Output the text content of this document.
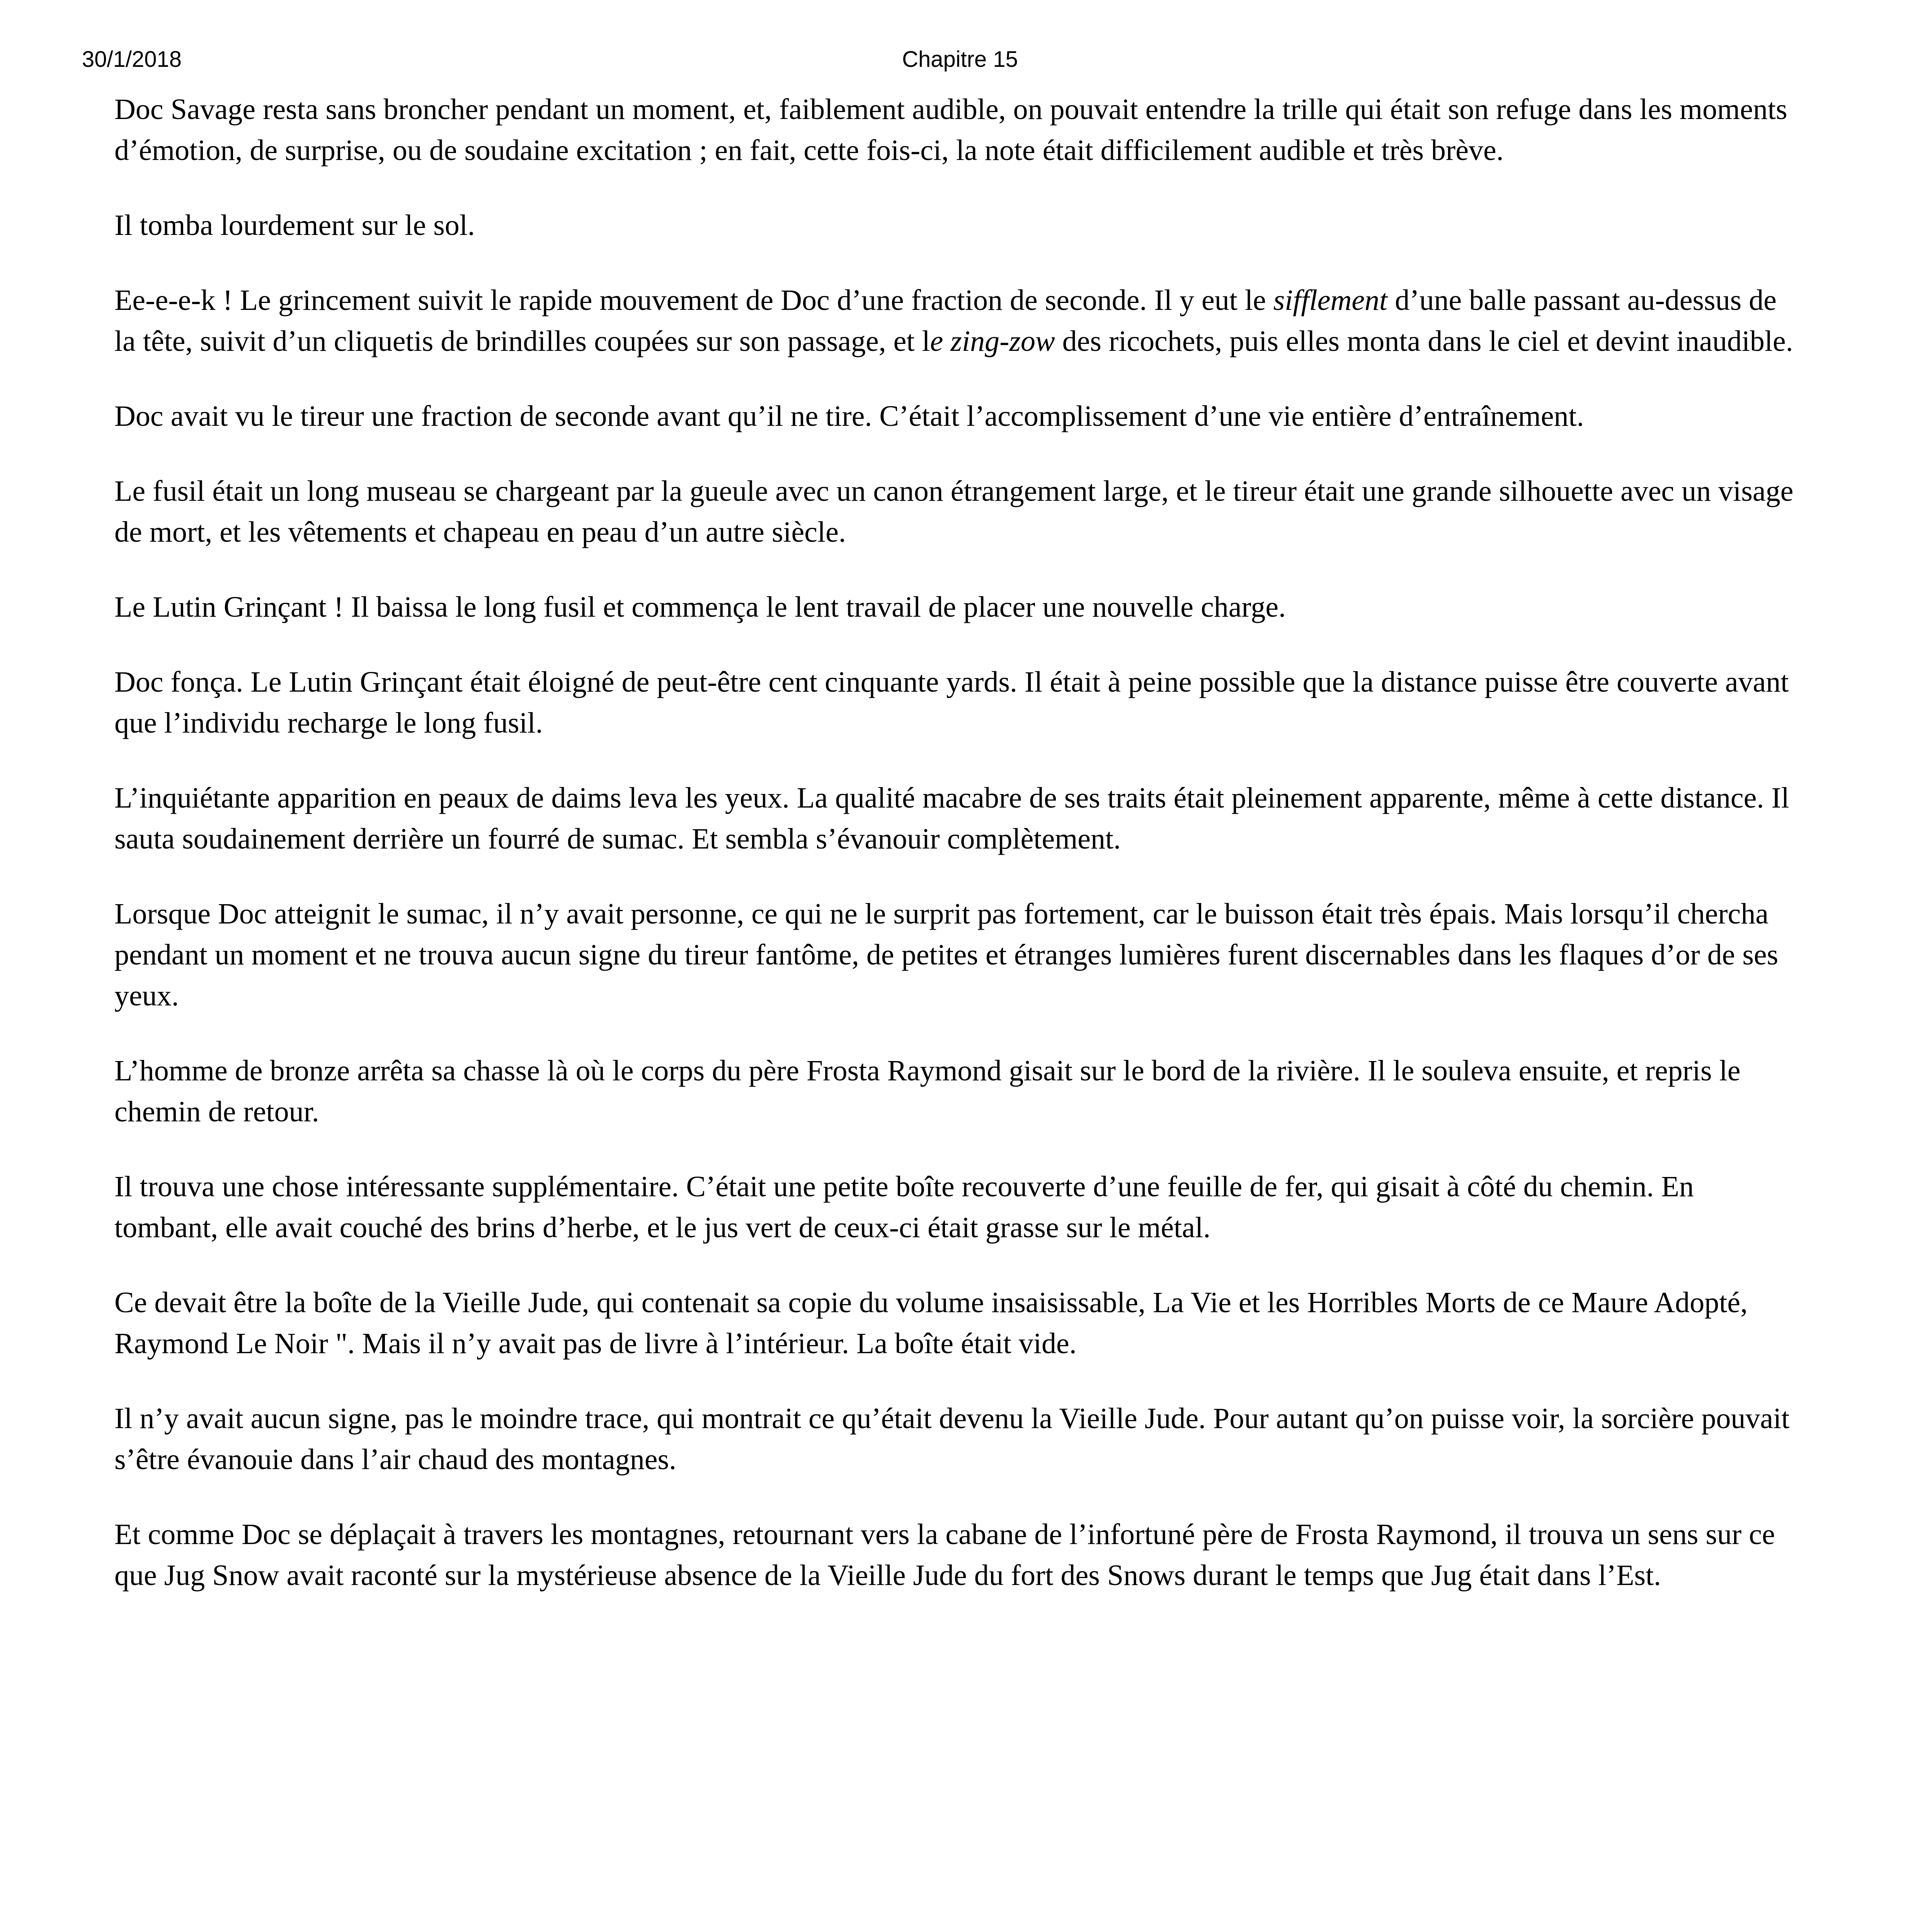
30/1/2018	Chapitre 15

Doc Savage resta sans broncher pendant un moment, et, faiblement audible, on pouvait entendre la trille qui était son refuge dans les moments d’émotion, de surprise, ou de soudaine excitation ; en fait, cette fois-ci, la note était difficilement audible et très brève.

Il tomba lourdement sur le sol.

Ee-e-e-k ! Le grincement suivit le rapide mouvement de Doc d’une fraction de seconde. Il y eut le sifflement d’une balle passant au-dessus de la tête, suivit d’un cliquetis de brindilles coupées sur son passage, et le zing-zow des ricochets, puis elles monta dans le ciel et devint inaudible.

Doc avait vu le tireur une fraction de seconde avant qu’il ne tire. C’était l’accomplissement d’une vie entière d’entraînement.

Le fusil était un long museau se chargeant par la gueule avec un canon étrangement large, et le tireur était une grande silhouette avec un visage de mort, et les vêtements et chapeau en peau d’un autre siècle.

Le Lutin Grinçant ! Il baissa le long fusil et commença le lent travail de placer une nouvelle charge.

Doc fonça. Le Lutin Grinçant était éloigné de peut-être cent cinquante yards. Il était à peine possible que la distance puisse être couverte avant que l’individu recharge le long fusil.

L’inquiétante apparition en peaux de daims leva les yeux. La qualité macabre de ses traits était pleinement apparente, même à cette distance. Il sauta soudainement derrière un fourré de sumac. Et sembla s’évanouir complètement.

Lorsque Doc atteignit le sumac, il n’y avait personne, ce qui ne le surprit pas fortement, car le buisson était très épais. Mais lorsqu’il chercha pendant un moment et ne trouva aucun signe du tireur fantôme, de petites et étranges lumières furent discernables dans les flaques d’or de ses yeux.

L’homme de bronze arrêta sa chasse là où le corps du père Frosta Raymond gisait sur le bord de la rivière. Il le souleva ensuite, et repris le chemin de retour.

Il trouva une chose intéressante supplémentaire. C’était une petite boîte recouverte d’une feuille de fer, qui gisait à côté du chemin. En tombant, elle avait couché des brins d’herbe, et le jus vert de ceux-ci était grasse sur le métal.

Ce devait être la boîte de la Vieille Jude, qui contenait sa copie du volume insaisissable, La Vie et les Horribles Morts de ce Maure Adopté, Raymond Le Noir ". Mais il n’y avait pas de livre à l’intérieur. La boîte était vide.

Il n’y avait aucun signe, pas le moindre trace, qui montrait ce qu’était devenu la Vieille Jude. Pour autant qu’on puisse voir, la sorcière pouvait s’être évanouie dans l’air chaud des montagnes.

Et comme Doc se déplaçait à travers les montagnes, retournant vers la cabane de l’infortuné père de Frosta Raymond, il trouva un sens sur ce que Jug Snow avait raconté sur la mystérieuse absence de la Vieille Jude du fort des Snows durant le temps que Jug était dans l’Est.
